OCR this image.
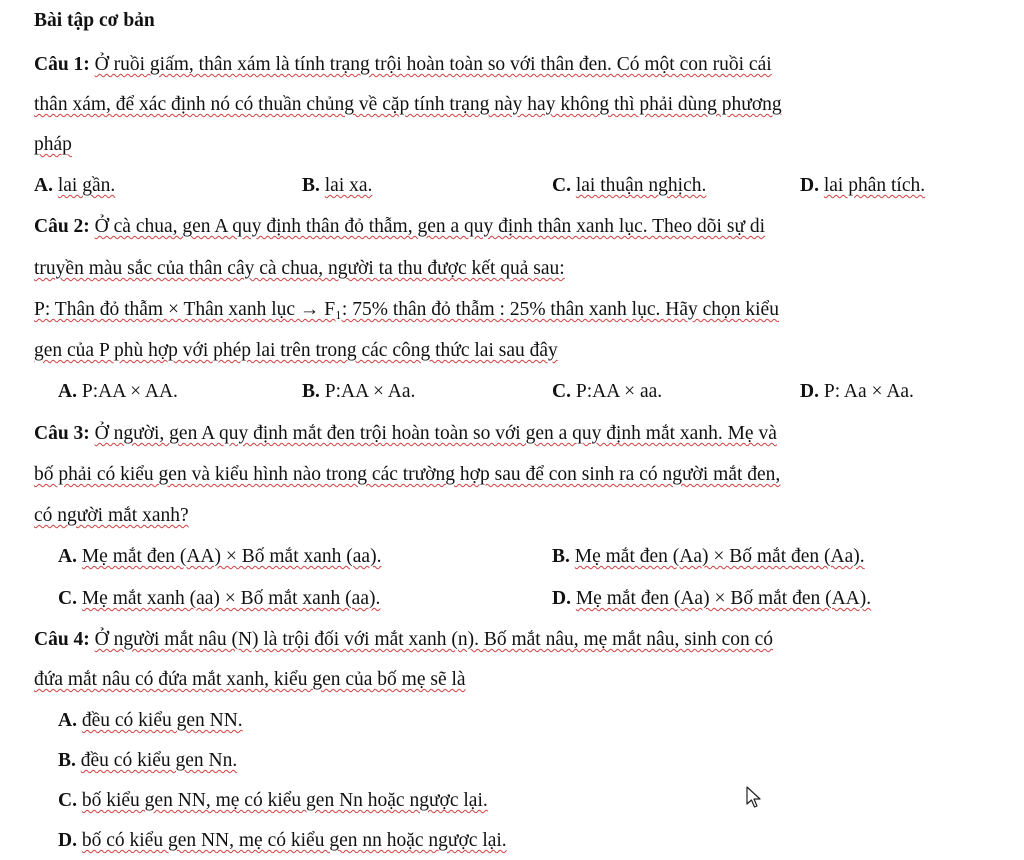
Bài tập cơ bản
Câu 1: Ở ruồi giấm, thân xám là tính trạng trội hoàn toàn so với thân đen. Có một con ruồi cái
thân xám, để xác định nó có thuần chủng về cặp tính trạng này hay không thì phải dùng phương
pháp
A. lai gần.	B. lai xa.	C. lai thuận nghịch.	D. lai phân tích.
Câu 2: Ở cà chua, gen A quy định thân đỏ thẫm, gen a quy định thân xanh lục. Theo dõi sự di
truyền màu sắc của thân cây cà chua, người ta thu được kết quả sau:
P: Thân đỏ thẫm × Thân xanh lục → F₁: 75% thân đỏ thẫm : 25% thân xanh lục. Hãy chọn kiểu
gen của P phù hợp với phép lai trên trong các công thức lai sau đây
A. P:AA × AA.	B. P:AA × Aa.	C. P:AA × aa.	D. P: Aa × Aa.
Câu 3: Ở người, gen A quy định mắt đen trội hoàn toàn so với gen a quy định mắt xanh. Mẹ và
bố phải có kiểu gen và kiểu hình nào trong các trường hợp sau để con sinh ra có người mắt đen,
có người mắt xanh?
A. Mẹ mắt đen (AA) × Bố mắt xanh (aa).	B. Mẹ mắt đen (Aa) × Bố mắt đen (Aa).
C. Mẹ mắt xanh (aa) × Bố mắt xanh (aa).	D. Mẹ mắt đen (Aa) × Bố mắt đen (AA).
Câu 4: Ở người mắt nâu (N) là trội đối với mắt xanh (n). Bố mắt nâu, mẹ mắt nâu, sinh con có
đứa mắt nâu có đứa mắt xanh, kiểu gen của bố mẹ sẽ là
A. đều có kiểu gen NN.
B. đều có kiểu gen Nn.
C. bố kiểu gen NN, mẹ có kiểu gen Nn hoặc ngược lại.
D. bố có kiểu gen NN, mẹ có kiểu gen nn hoặc ngược lại.
